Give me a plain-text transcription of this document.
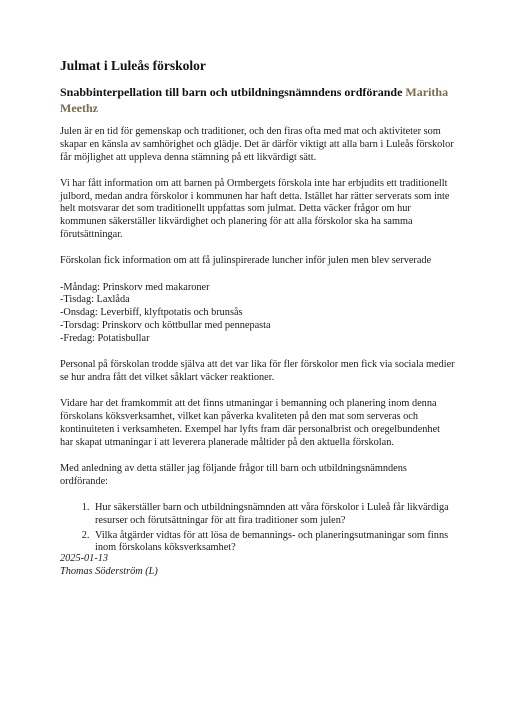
Julmat i Luleås förskolor
Snabbinterpellation till barn och utbildningsnämndens ordförande Maritha Meethz

Julen är en tid för gemenskap och traditioner, och den firas ofta med mat och aktiviteter som skapar en känsla av samhörighet och glädje. Det är därför viktigt att alla barn i Luleås förskolor får möjlighet att uppleva denna stämning på ett likvärdigt sätt.

Vi har fått information om att barnen på Ormbergets förskola inte har erbjudits ett traditionellt julbord, medan andra förskolor i kommunen har haft detta. Istället har rätter serverats som inte helt motsvarar det som traditionellt uppfattas som julmat. Detta väcker frågor om hur kommunen säkerställer likvärdighet och planering för att alla förskolor ska ha samma förutsättningar.

Förskolan fick information om att få julinspirerade luncher inför julen men blev serverade

-Måndag: Prinskorv med makaroner
-Tisdag: Laxlåda
-Onsdag: Leverbiff, klyftpotatis och brunsås
-Torsdag: Prinskorv och köttbullar med pennepasta
-Fredag: Potatisbullar

Personal på förskolan trodde själva att det var lika för fler förskolor men fick via sociala medier se hur andra fått det vilket såklart väcker reaktioner.

Vidare har det framkommit att det finns utmaningar i bemanning och planering inom denna förskolans köksverksamhet, vilket kan påverka kvaliteten på den mat som serveras och kontinuiteten i verksamheten. Exempel har lyfts fram där personalbrist och oregelbundenhet har skapat utmaningar i att leverera planerade måltider på den aktuella förskolan.

Med anledning av detta ställer jag följande frågor till barn och utbildningsnämndens ordförande:

1. Hur säkerställer barn och utbildningsnämnden att våra förskolor i Luleå får likvärdiga resurser och förutsättningar för att fira traditioner som julen?
2. Vilka åtgärder vidtas för att lösa de bemannings- och planeringsutmaningar som finns inom förskolans köksverksamhet?
2025-01-13
Thomas Söderström (L)
